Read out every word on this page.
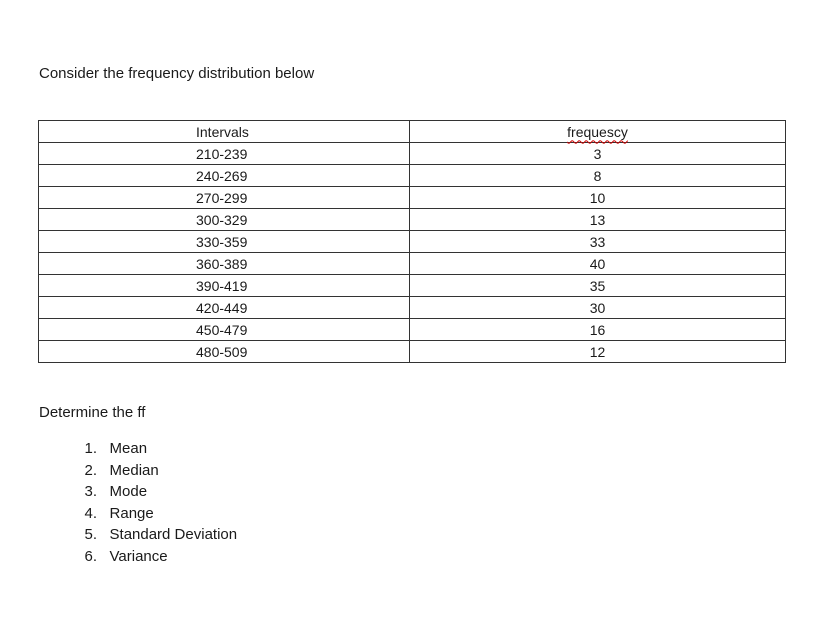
Consider the frequency distribution below

Intervals	frequescy
210-239	3
240-269	8
270-299	10
300-329	13
330-359	33
360-389	40
390-419	35
420-449	30
450-479	16
480-509	12

Determine the ff

1. Mean
2. Median
3. Mode
4. Range
5. Standard Deviation
6. Variance
